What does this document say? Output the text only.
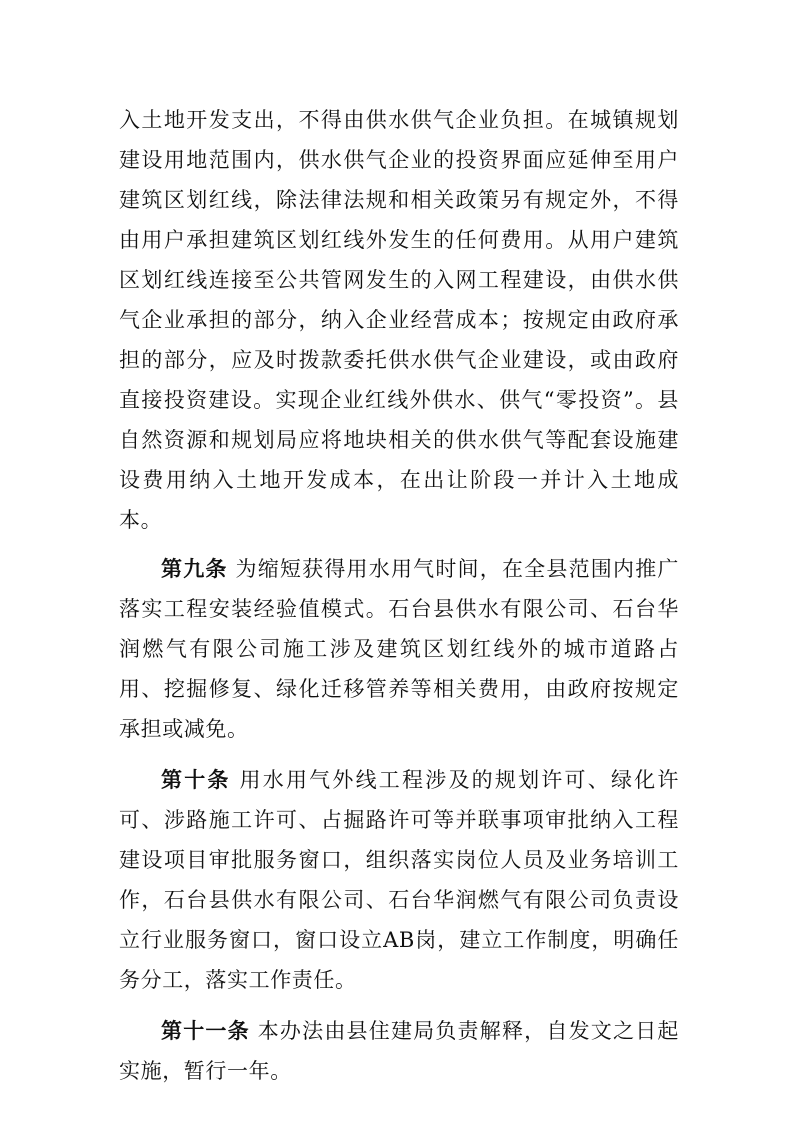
入土地开发支出，不得由供水供气企业负担。在城镇规划建设用地范围内，供水供气企业的投资界面应延伸至用户建筑区划红线，除法律法规和相关政策另有规定外，不得由用户承担建筑区划红线外发生的任何费用。从用户建筑区划红线连接至公共管网发生的入网工程建设，由供水供气企业承担的部分，纳入企业经营成本；按规定由政府承担的部分，应及时拨款委托供水供气企业建设，或由政府直接投资建设。实现企业红线外供水、供气“零投资”。县自然资源和规划局应将地块相关的供水供气等配套设施建设费用纳入土地开发成本，在出让阶段一并计入土地成本。

第九条 为缩短获得用水用气时间，在全县范围内推广落实工程安装经验值模式。石台县供水有限公司、石台华润燃气有限公司施工涉及建筑区划红线外的城市道路占用、挖掘修复、绿化迁移管养等相关费用，由政府按规定承担或减免。

第十条 用水用气外线工程涉及的规划许可、绿化许可、涉路施工许可、占掘路许可等并联事项审批纳入工程建设项目审批服务窗口，组织落实岗位人员及业务培训工作，石台县供水有限公司、石台华润燃气有限公司负责设立行业服务窗口，窗口设立AB岗，建立工作制度，明确任务分工，落实工作责任。

第十一条 本办法由县住建局负责解释，自发文之日起实施，暂行一年。
